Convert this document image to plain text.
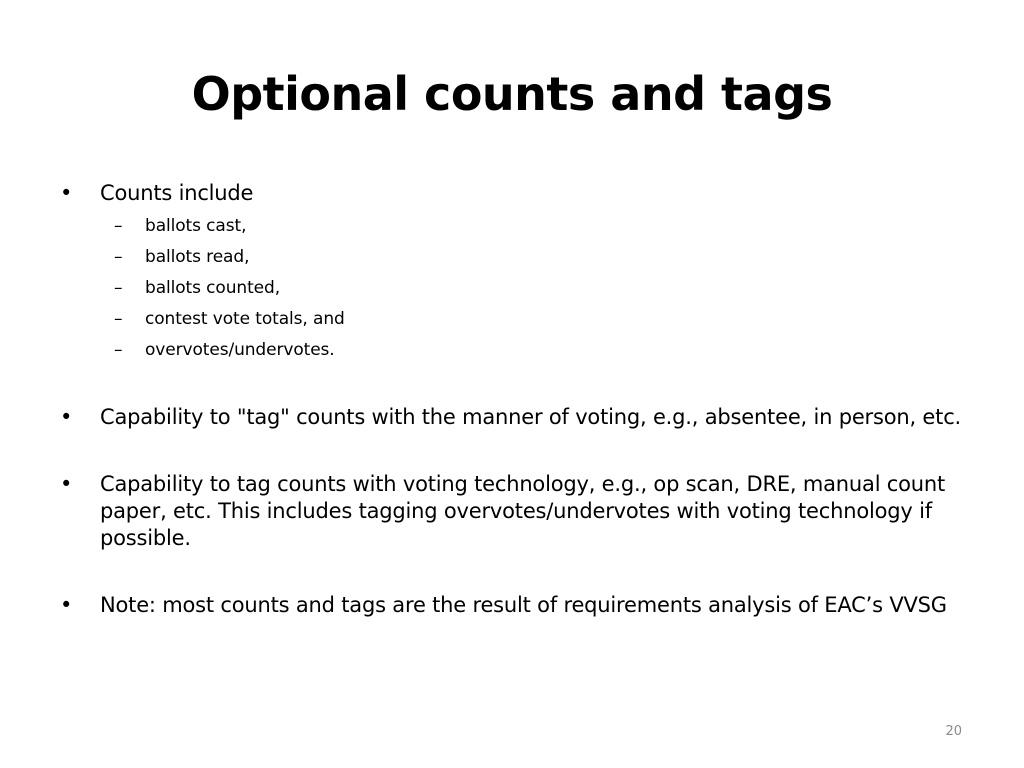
Optional counts and tags
•	Counts include
– ballots cast,
– ballots read,
– ballots counted,
– contest vote totals, and
– overvotes/undervotes.
•	Capability to "tag" counts with the manner of voting, e.g., absentee, in person, etc.
•	Capability to tag counts with voting technology, e.g., op scan, DRE, manual count paper, etc. This includes tagging overvotes/undervotes with voting technology if possible.
•	Note: most counts and tags are the result of requirements analysis of EAC’s VVSG
20
